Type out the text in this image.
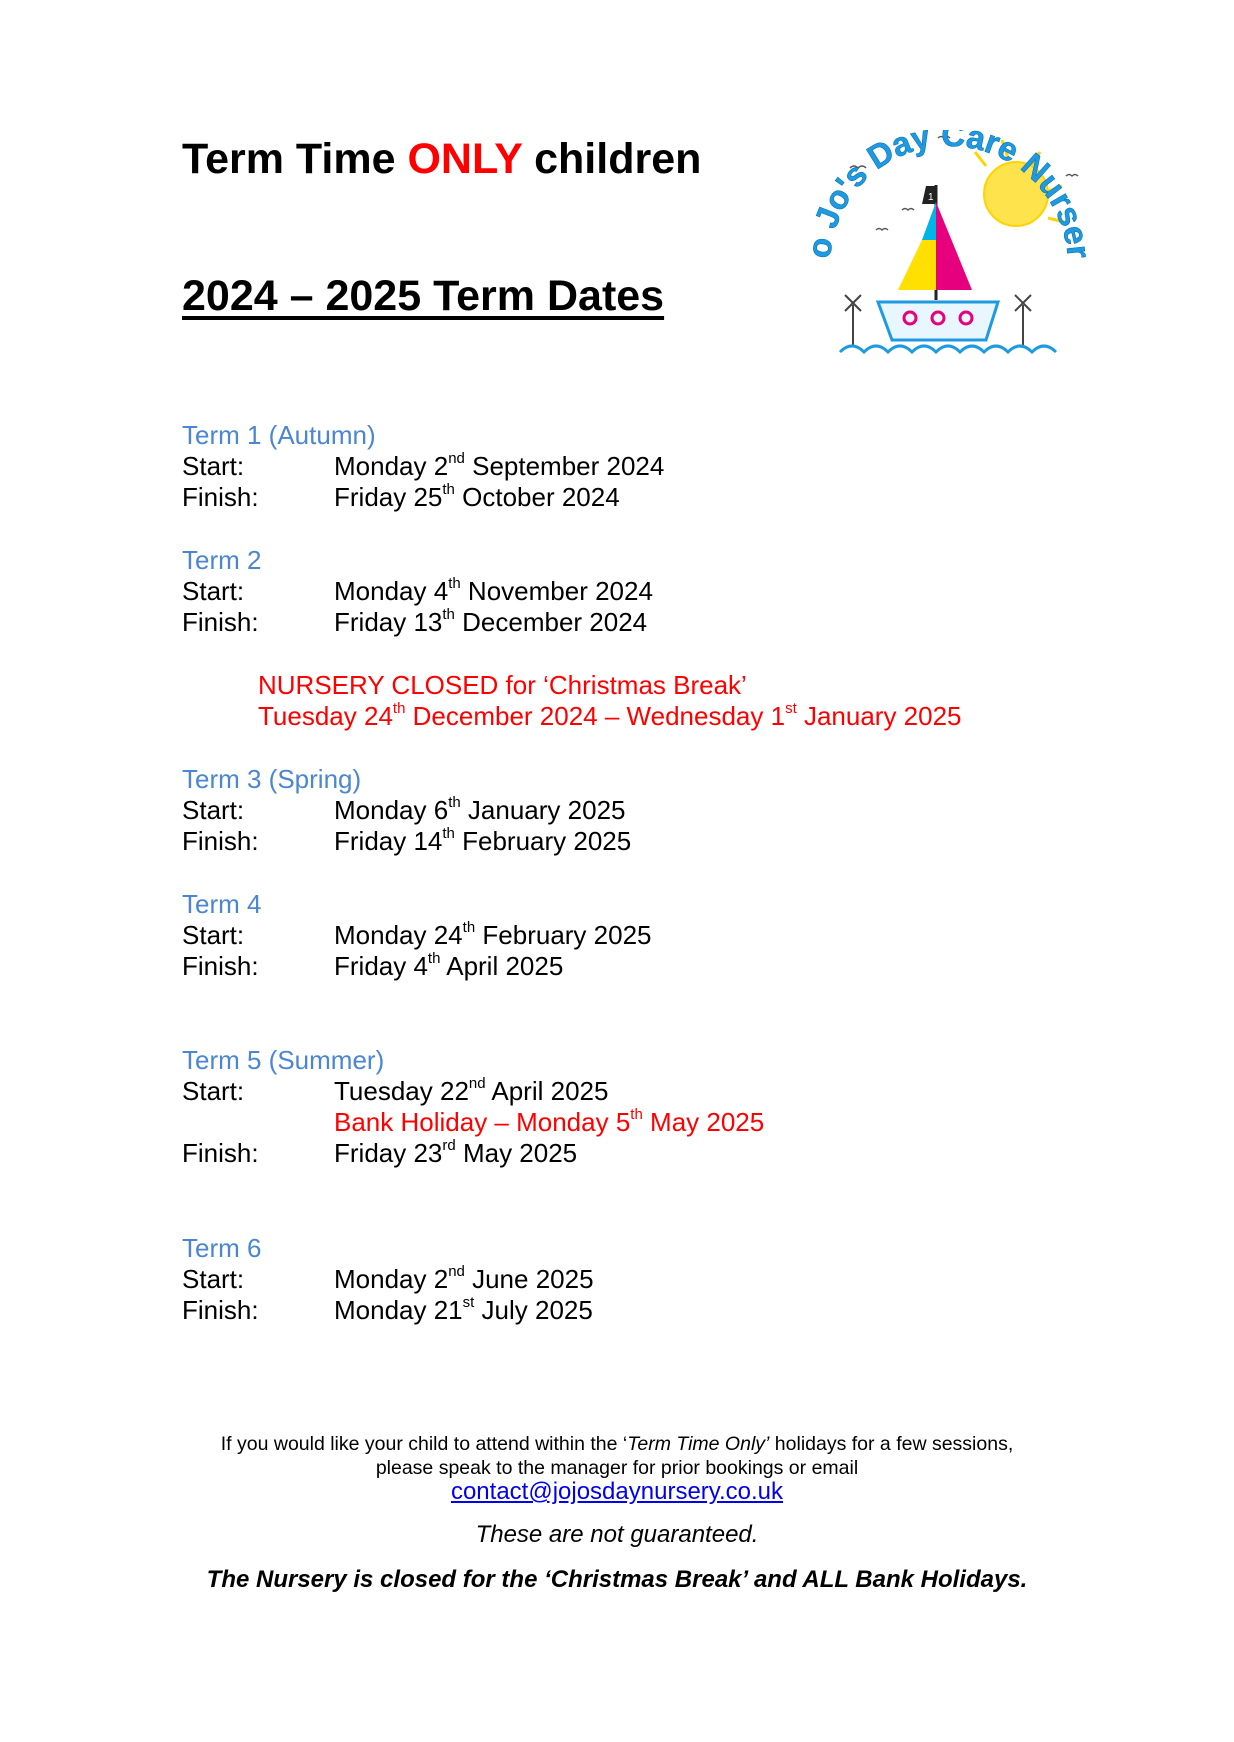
Term Time ONLY children
2024 – 2025 Term Dates
Jo's Day Care Nurs
1
Term 1 (Autumn)
Start:	Monday 2nd September 2024
Finish:	Friday 25th October 2024
Term 2
Start:	Monday 4th November 2024
Finish:	Friday 13th December 2024
NURSERY CLOSED for ‘Christmas Break’
Tuesday 24th December 2024 – Wednesday 1st January 2025
Term 3 (Spring)
Start:	Monday 6th January 2025
Finish:	Friday 14th February 2025
Term 4
Start:	Monday 24th February 2025
Finish:	Friday 4th April 2025
Term 5 (Summer)
Start:	Tuesday 22nd April 2025
Bank Holiday – Monday 5th May 2025
Finish:	Friday 23rd May 2025
Term 6
Start:	Monday 2nd June 2025
Finish:	Monday 21st July 2025
If you would like your child to attend within the ‘Term Time Only’ holidays for a few sessions,
please speak to the manager for prior bookings or email
contact@jojosdaynursery.co.uk
These are not guaranteed.
The Nursery is closed for the ‘Christmas Break’ and ALL Bank Holidays.
